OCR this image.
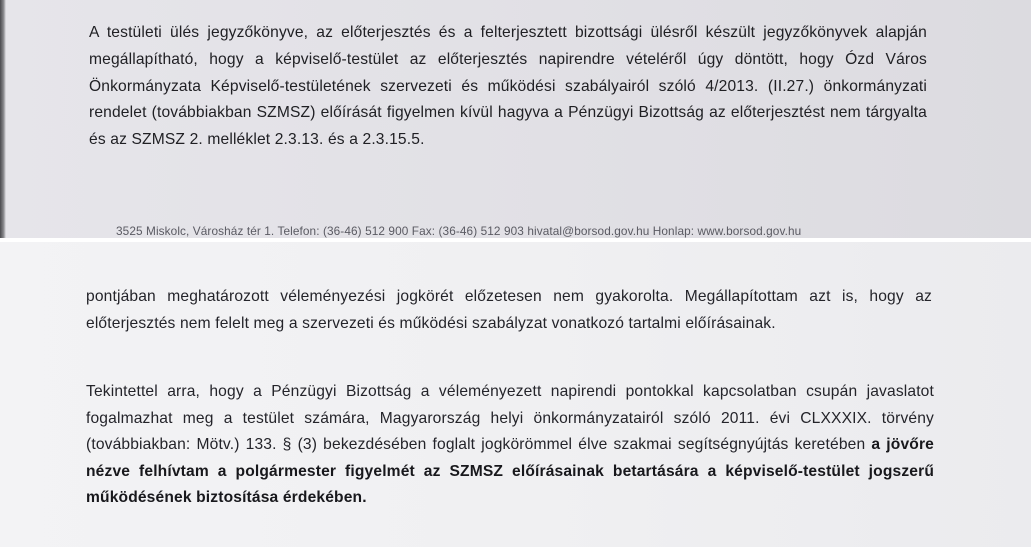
A testületi ülés jegyzőkönyve, az előterjesztés és a felterjesztett bizottsági ülésről készült jegyzőkönyvek alapján megállapítható, hogy a képviselő-testület az előterjesztés napirendre vételéről úgy döntött, hogy Ózd Város Önkormányzata Képviselő-testületének szervezeti és működési szabályairól szóló 4/2013. (II.27.) önkormányzati rendelet (továbbiakban SZMSZ) előírását figyelmen kívül hagyva a Pénzügyi Bizottság az előterjesztést nem tárgyalta és az SZMSZ 2. melléklet 2.3.13. és a 2.3.15.5.

3525 Miskolc, Városház tér 1. Telefon: (36-46) 512 900 Fax: (36-46) 512 903 hivatal@borsod.gov.hu Honlap: www.borsod.gov.hu

pontjában meghatározott véleményezési jogkörét előzetesen nem gyakorolta. Megállapítottam azt is, hogy az előterjesztés nem felelt meg a szervezeti és működési szabályzat vonatkozó tartalmi előírásainak.

Tekintettel arra, hogy a Pénzügyi Bizottság a véleményezett napirendi pontokkal kapcsolatban csupán javaslatot fogalmazhat meg a testület számára, Magyarország helyi önkormányzatairól szóló 2011. évi CLXXXIX. törvény (továbbiakban: Mötv.) 133. § (3) bekezdésében foglalt jogkörömmel élve szakmai segítségnyújtás keretében a jövőre nézve felhívtam a polgármester figyelmét az SZMSZ előírásainak betartására a képviselő-testület jogszerű működésének biztosítása érdekében.
